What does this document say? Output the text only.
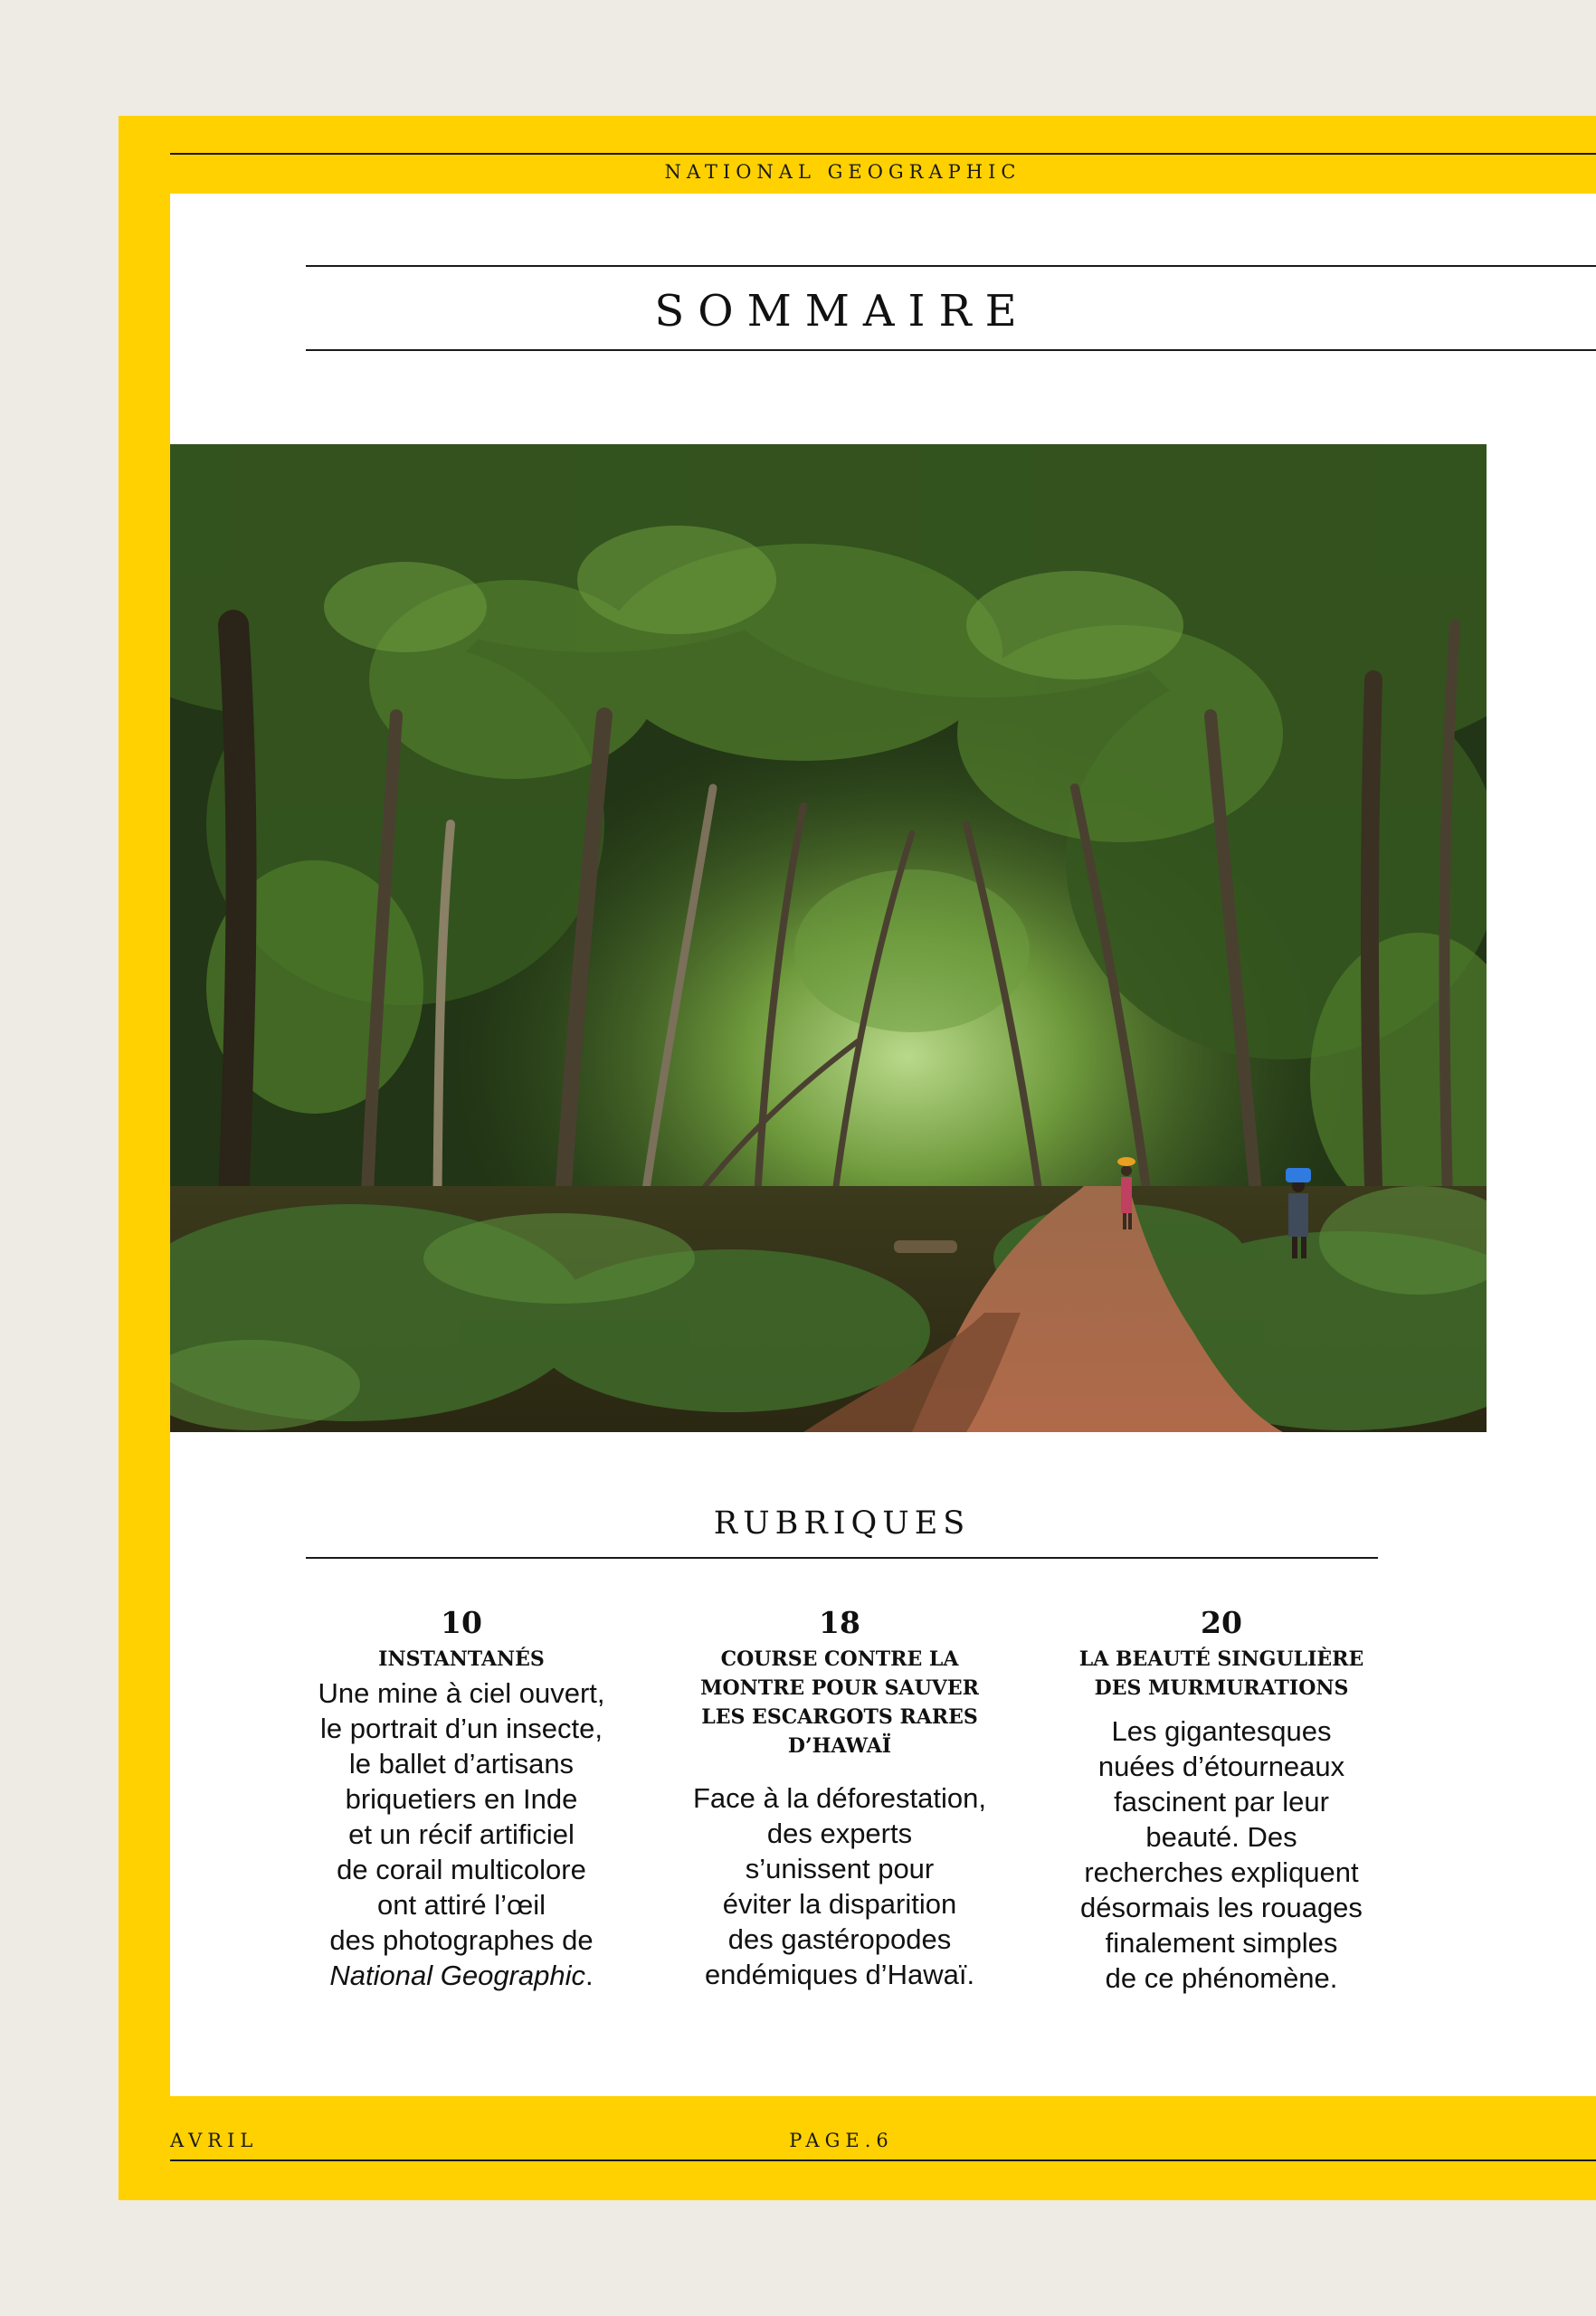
NATIONAL GEOGRAPHIC
SOMMAIRE
RUBRIQUES
10
INSTANTANÉS
Une mine à ciel ouvert,
le portrait d’un insecte,
le ballet d’artisans
briquetiers en Inde
et un récif artificiel
de corail multicolore
ont attiré l’œil
des photographes de
National Geographic.
18
COURSE CONTRE LA
MONTRE POUR SAUVER
LES ESCARGOTS RARES
D’HAWAÏ
Face à la déforestation,
des experts
s’unissent pour
éviter la disparition
des gastéropodes
endémiques d’Hawaï.
20
LA BEAUTÉ SINGULIÈRE
DES MURMURATIONS
Les gigantesques
nuées d’étourneaux
fascinent par leur
beauté. Des
recherches expliquent
désormais les rouages
finalement simples
de ce phénomène.
AVRIL	PAGE.6
